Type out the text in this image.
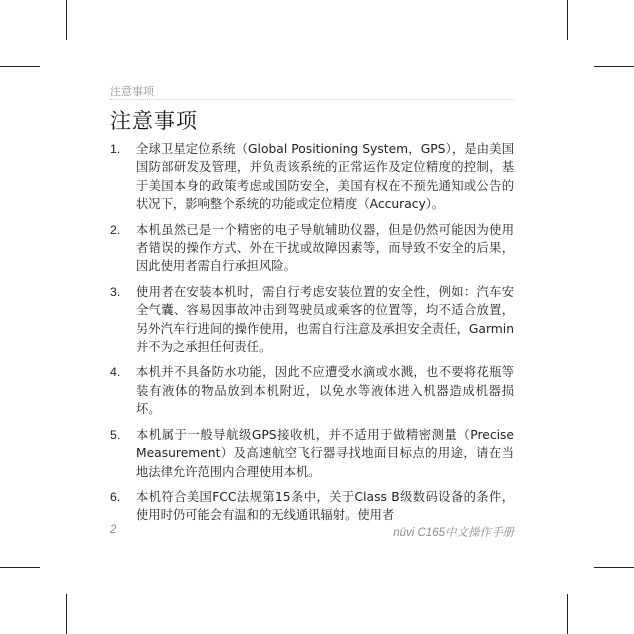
注意事项
注意事项
1.	全球卫星定位系统（Global Positioning System，GPS），是由美国国防部研发及管理，并负责该系统的正常运作及定位精度的控制，基于美国本身的政策考虑或国防安全，美国有权在不预先通知或公告的状况下，影响整个系统的功能或定位精度（Accuracy）。
2.	本机虽然已是一个精密的电子导航辅助仪器，但是仍然可能因为使用者错误的操作方式、外在干扰或故障因素等，而导致不安全的后果，因此使用者需自行承担风险。
3.	使用者在安装本机时，需自行考虑安装位置的安全性，例如：汽车安全气囊、容易因事故冲击到驾驶员或乘客的位置等，均不适合放置，另外汽车行进间的操作使用，也需自行注意及承担安全责任，Garmin并不为之承担任何责任。
4.	本机并不具备防水功能，因此不应遭受水滴或水溅，也不要将花瓶等装有液体的物品放到本机附近，以免水等液体进入机器造成机器损坏。
5.	本机属于一般导航级GPS接收机，并不适用于做精密测量（Precise Measurement）及高速航空飞行器寻找地面目标点的用途，请在当地法律允许范围内合理使用本机。
6.	本机符合美国FCC法规第15条中，关于Class B级数码设备的条件，使用时仍可能会有温和的无线通讯辐射。使用者
2	nüvi C165中文操作手册
